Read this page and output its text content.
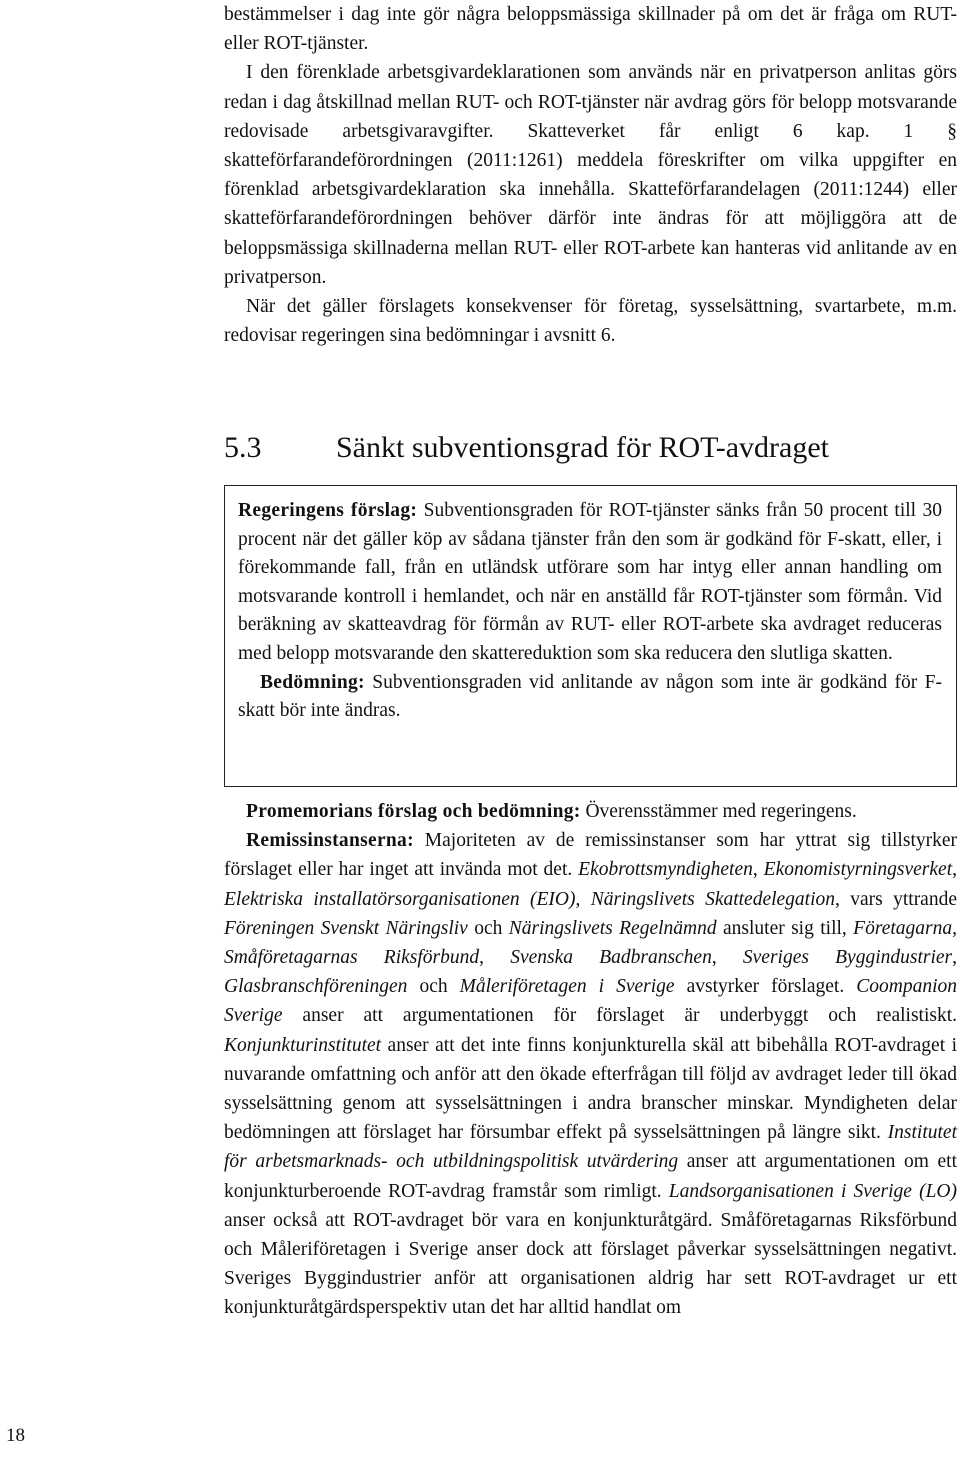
bestämmelser i dag inte gör några beloppsmässiga skillnader på om det är fråga om RUT- eller ROT-tjänster.

I den förenklade arbetsgivardeklarationen som används när en privatperson anlitas görs redan i dag åtskillnad mellan RUT- och ROT-tjänster när avdrag görs för belopp motsvarande redovisade arbetsgivaravgifter. Skatteverket får enligt 6 kap. 1 § skatteförfarandeförordningen (2011:1261) meddela föreskrifter om vilka uppgifter en förenklad arbetsgivardeklaration ska innehålla. Skatteförfarandelagen (2011:1244) eller skatteförfarandeförordningen behöver därför inte ändras för att möjliggöra att de beloppsmässiga skillnaderna mellan RUT- eller ROT-arbete kan hanteras vid anlitande av en privatperson.

När det gäller förslagets konsekvenser för företag, sysselsättning, svartarbete, m.m. redovisar regeringen sina bedömningar i avsnitt 6.

5.3 Sänkt subventionsgrad för ROT-avdraget

Regeringens förslag: Subventionsgraden för ROT-tjänster sänks från 50 procent till 30 procent när det gäller köp av sådana tjänster från den som är godkänd för F-skatt, eller, i förekommande fall, från en utländsk utförare som har intyg eller annan handling om motsvarande kontroll i hemlandet, och när en anställd får ROT-tjänster som förmån. Vid beräkning av skatteavdrag för förmån av RUT- eller ROT-arbete ska avdraget reduceras med belopp motsvarande den skattereduktion som ska reducera den slutliga skatten.

Bedömning: Subventionsgraden vid anlitande av någon som inte är godkänd för F-skatt bör inte ändras.

Promemorians förslag och bedömning: Överensstämmer med regeringens.

Remissinstanserna: Majoriteten av de remissinstanser som har yttrat sig tillstyrker förslaget eller har inget att invända mot det. Ekobrottsmyndigheten, Ekonomistyrningsverket, Elektriska installatörsorganisationen (EIO), Näringslivets Skattedelegation, vars yttrande Föreningen Svenskt Näringsliv och Näringslivets Regelnämnd ansluter sig till, Företagarna, Småföretagarnas Riksförbund, Svenska Badbranschen, Sveriges Byggindustrier, Glasbranschföreningen och Måleriföretagen i Sverige avstyrker förslaget. Coompanion Sverige anser att argumentationen för förslaget är underbyggt och realistiskt. Konjunkturinstitutet anser att det inte finns konjunkturella skäl att bibehålla ROT-avdraget i nuvarande omfattning och anför att den ökade efterfrågan till följd av avdraget leder till ökad sysselsättning genom att sysselsättningen i andra branscher minskar. Myndigheten delar bedömningen att förslaget har försumbar effekt på sysselsättningen på längre sikt. Institutet för arbetsmarknads- och utbildningspolitisk utvärdering anser att argumentationen om ett konjunkturberoende ROT-avdrag framstår som rimligt. Landsorganisationen i Sverige (LO) anser också att ROT-avdraget bör vara en konjunkturåtgärd. Småföretagarnas Riksförbund och Måleriföretagen i Sverige anser dock att förslaget påverkar sysselsättningen negativt. Sveriges Byggindustrier anför att organisationen aldrig har sett ROT-avdraget ur ett konjunkturåtgärdsperspektiv utan det har alltid handlat om

18
